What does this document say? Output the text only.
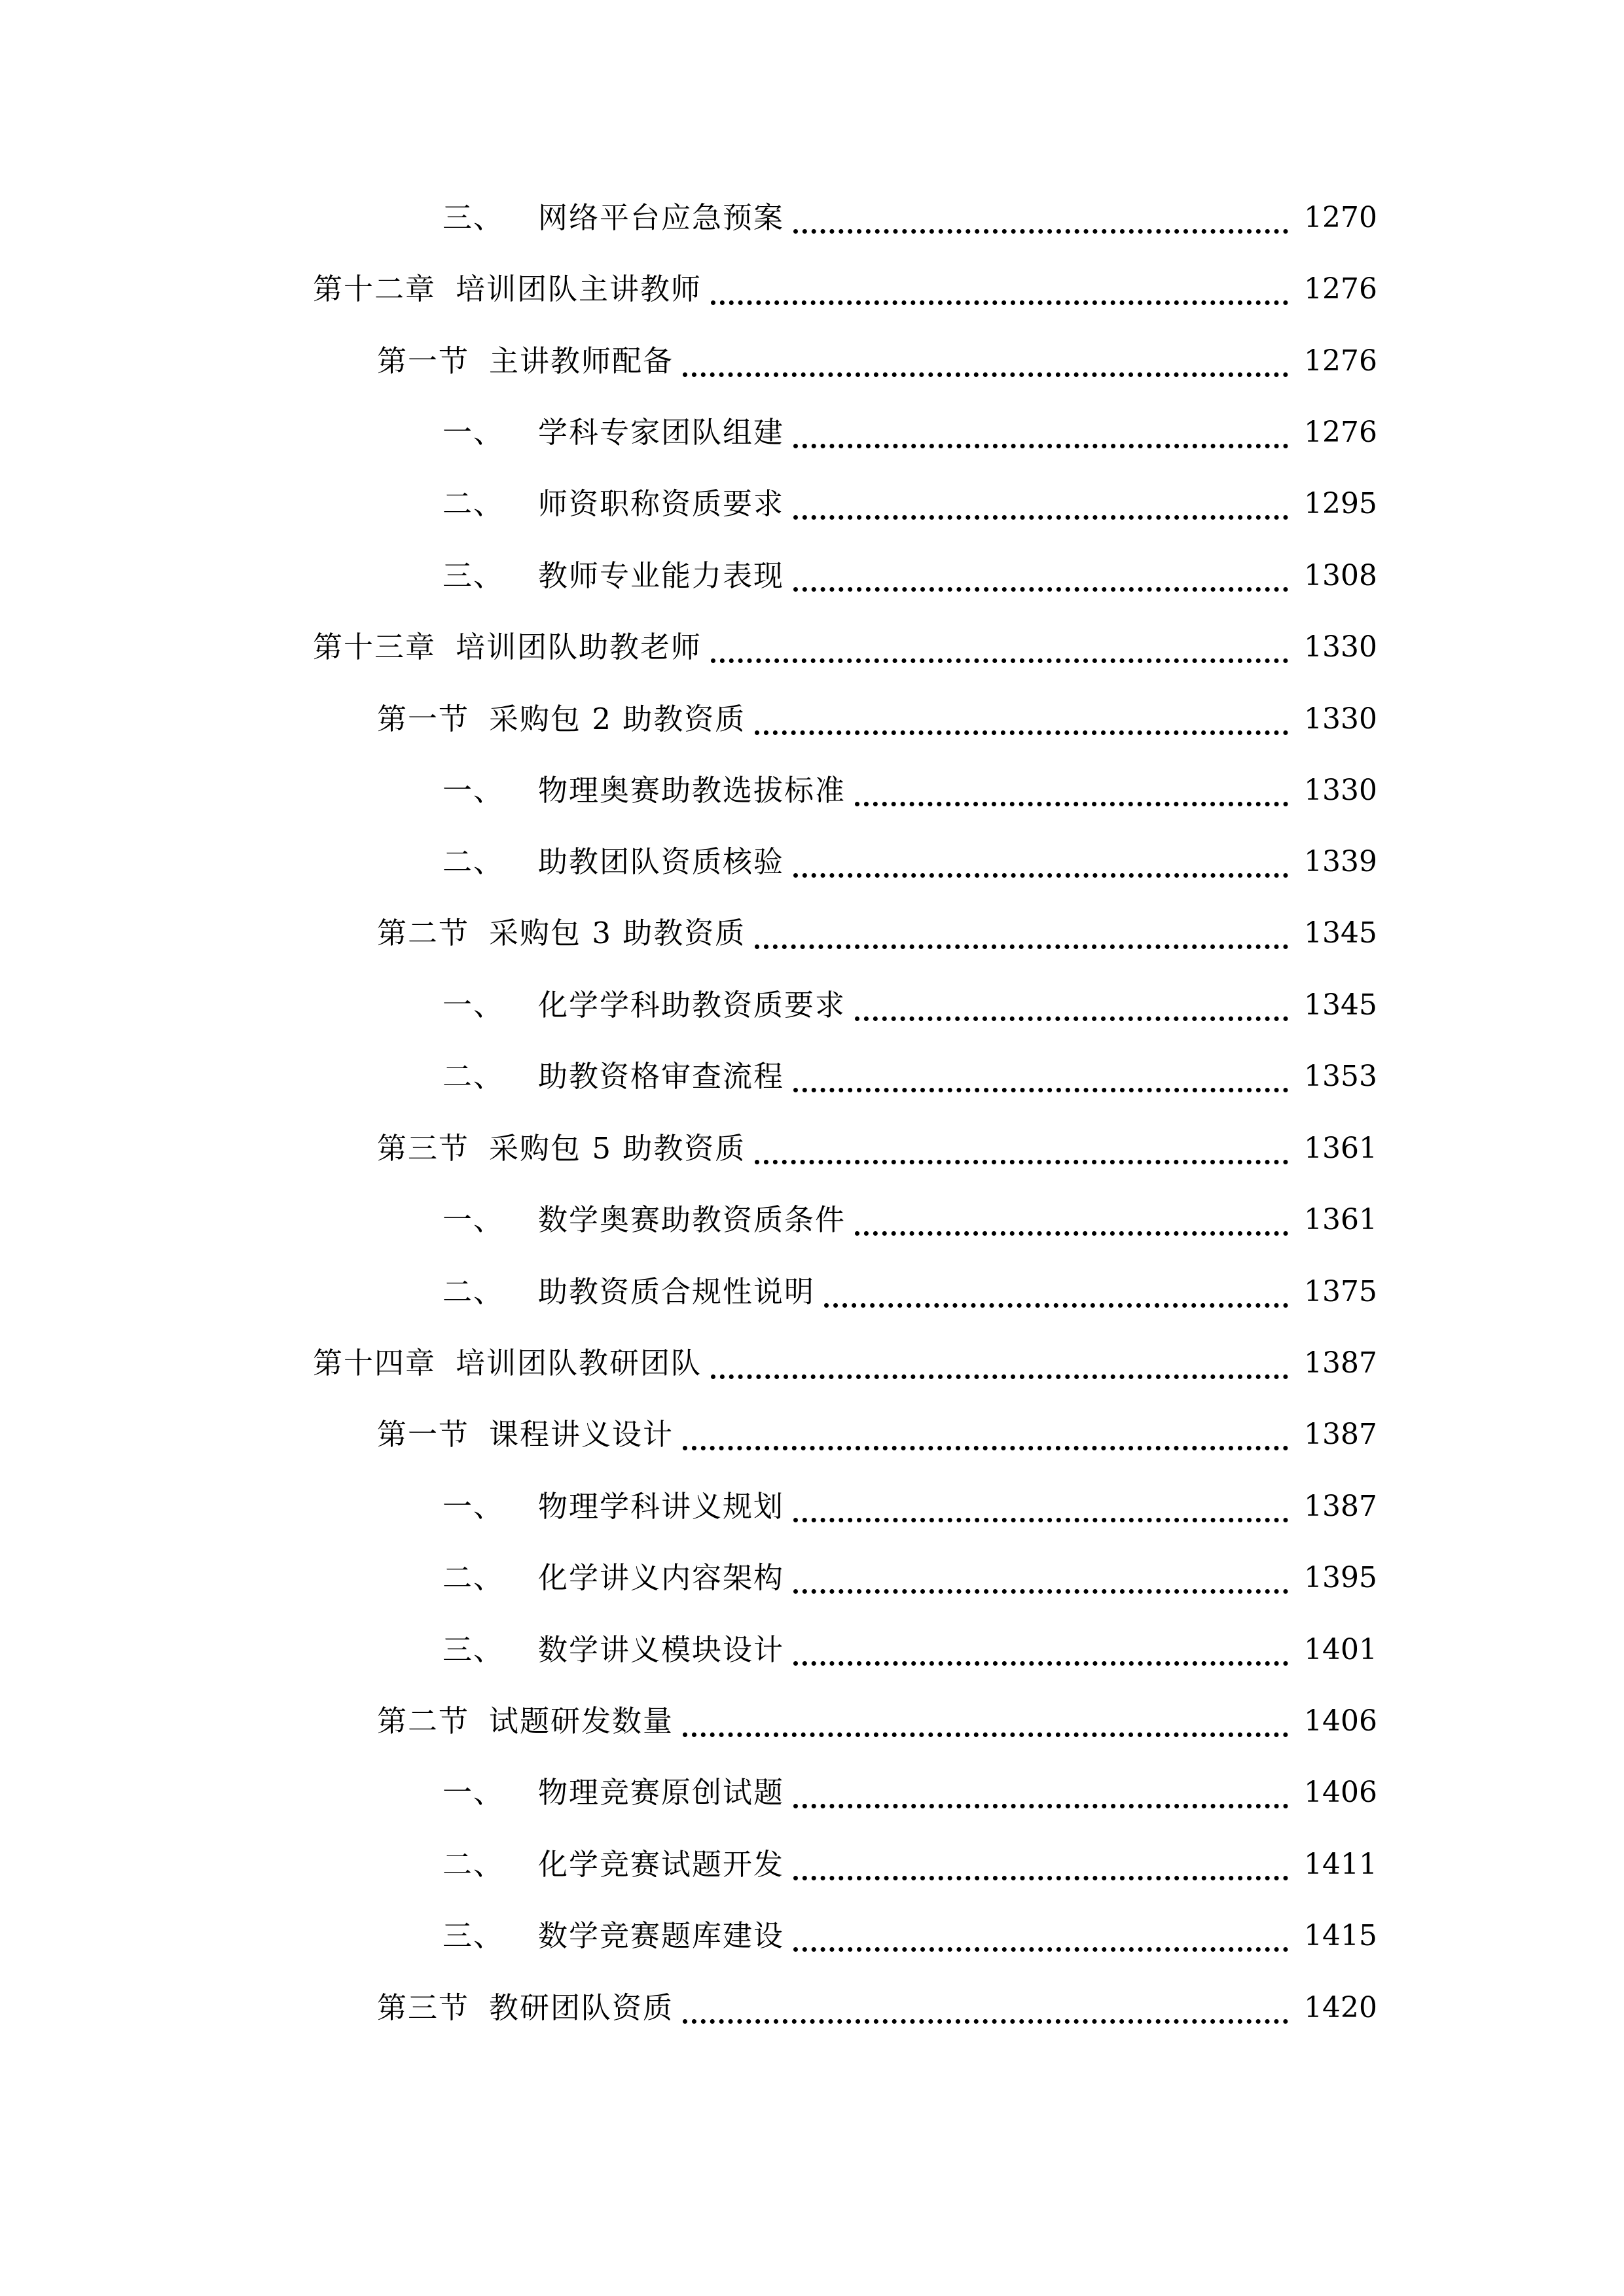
三、 网络平台应急预案	1270
第十二章 培训团队主讲教师	1276
第一节 主讲教师配备	1276
一、 学科专家团队组建	1276
二、 师资职称资质要求	1295
三、 教师专业能力表现	1308
第十三章 培训团队助教老师	1330
第一节 采购包 2 助教资质	1330
一、 物理奥赛助教选拔标准	1330
二、 助教团队资质核验	1339
第二节 采购包 3 助教资质	1345
一、 化学学科助教资质要求	1345
二、 助教资格审查流程	1353
第三节 采购包 5 助教资质	1361
一、 数学奥赛助教资质条件	1361
二、 助教资质合规性说明	1375
第十四章 培训团队教研团队	1387
第一节 课程讲义设计	1387
一、 物理学科讲义规划	1387
二、 化学讲义内容架构	1395
三、 数学讲义模块设计	1401
第二节 试题研发数量	1406
一、 物理竞赛原创试题	1406
二、 化学竞赛试题开发	1411
三、 数学竞赛题库建设	1415
第三节 教研团队资质	1420
